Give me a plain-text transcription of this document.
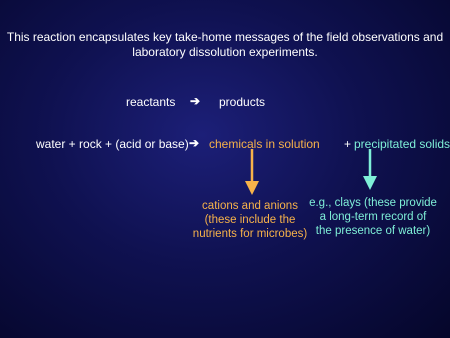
This reaction encapsulates key take-home messages of the field observations and
laboratory dissolution experiments.
reactants ➔ products
water + rock + (acid or base) ➔ chemicals in solution + precipitated solids
cations and anions
(these include the
nutrients for microbes)
e.g., clays (these provide
a long-term record of
the presence of water)
